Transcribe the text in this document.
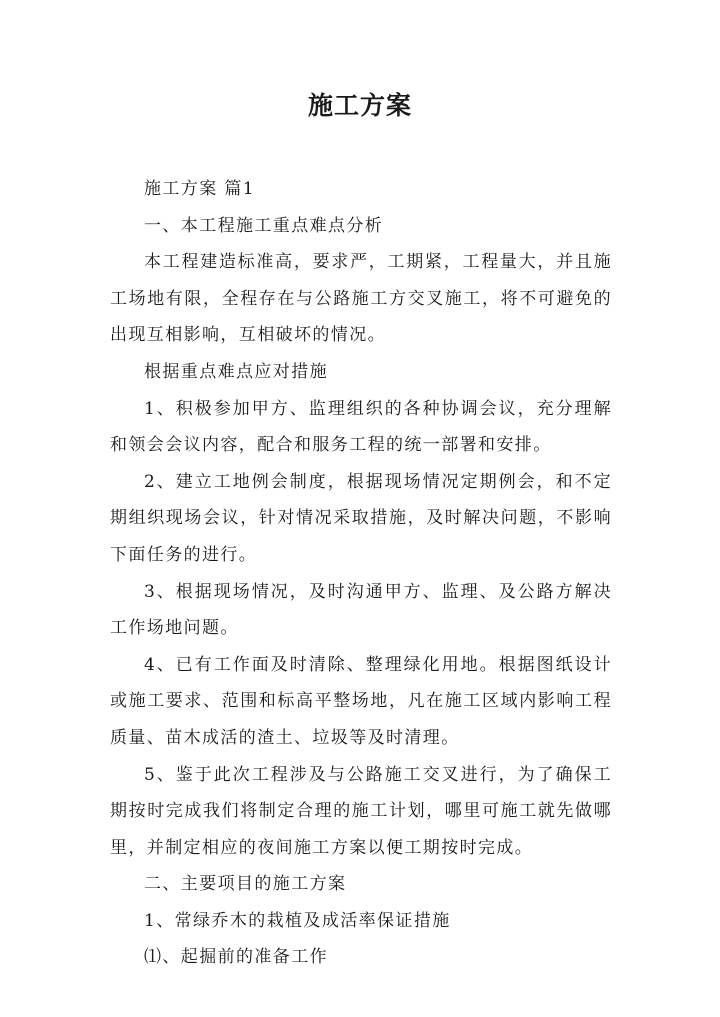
施工方案

施工方案 篇1

一、本工程施工重点难点分析

本工程建造标准高，要求严，工期紧，工程量大，并且施工场地有限，全程存在与公路施工方交叉施工，将不可避免的出现互相影响，互相破坏的情况。

根据重点难点应对措施

1、积极参加甲方、监理组织的各种协调会议，充分理解和领会会议内容，配合和服务工程的统一部署和安排。

2、建立工地例会制度，根据现场情况定期例会，和不定期组织现场会议，针对情况采取措施，及时解决问题，不影响下面任务的进行。

3、根据现场情况，及时沟通甲方、监理、及公路方解决工作场地问题。

4、已有工作面及时清除、整理绿化用地。根据图纸设计或施工要求、范围和标高平整场地，凡在施工区域内影响工程质量、苗木成活的渣土、垃圾等及时清理。

5、鉴于此次工程涉及与公路施工交叉进行，为了确保工期按时完成我们将制定合理的施工计划，哪里可施工就先做哪里，并制定相应的夜间施工方案以便工期按时完成。

二、主要项目的施工方案

1、常绿乔木的栽植及成活率保证措施

⑴、起掘前的准备工作
